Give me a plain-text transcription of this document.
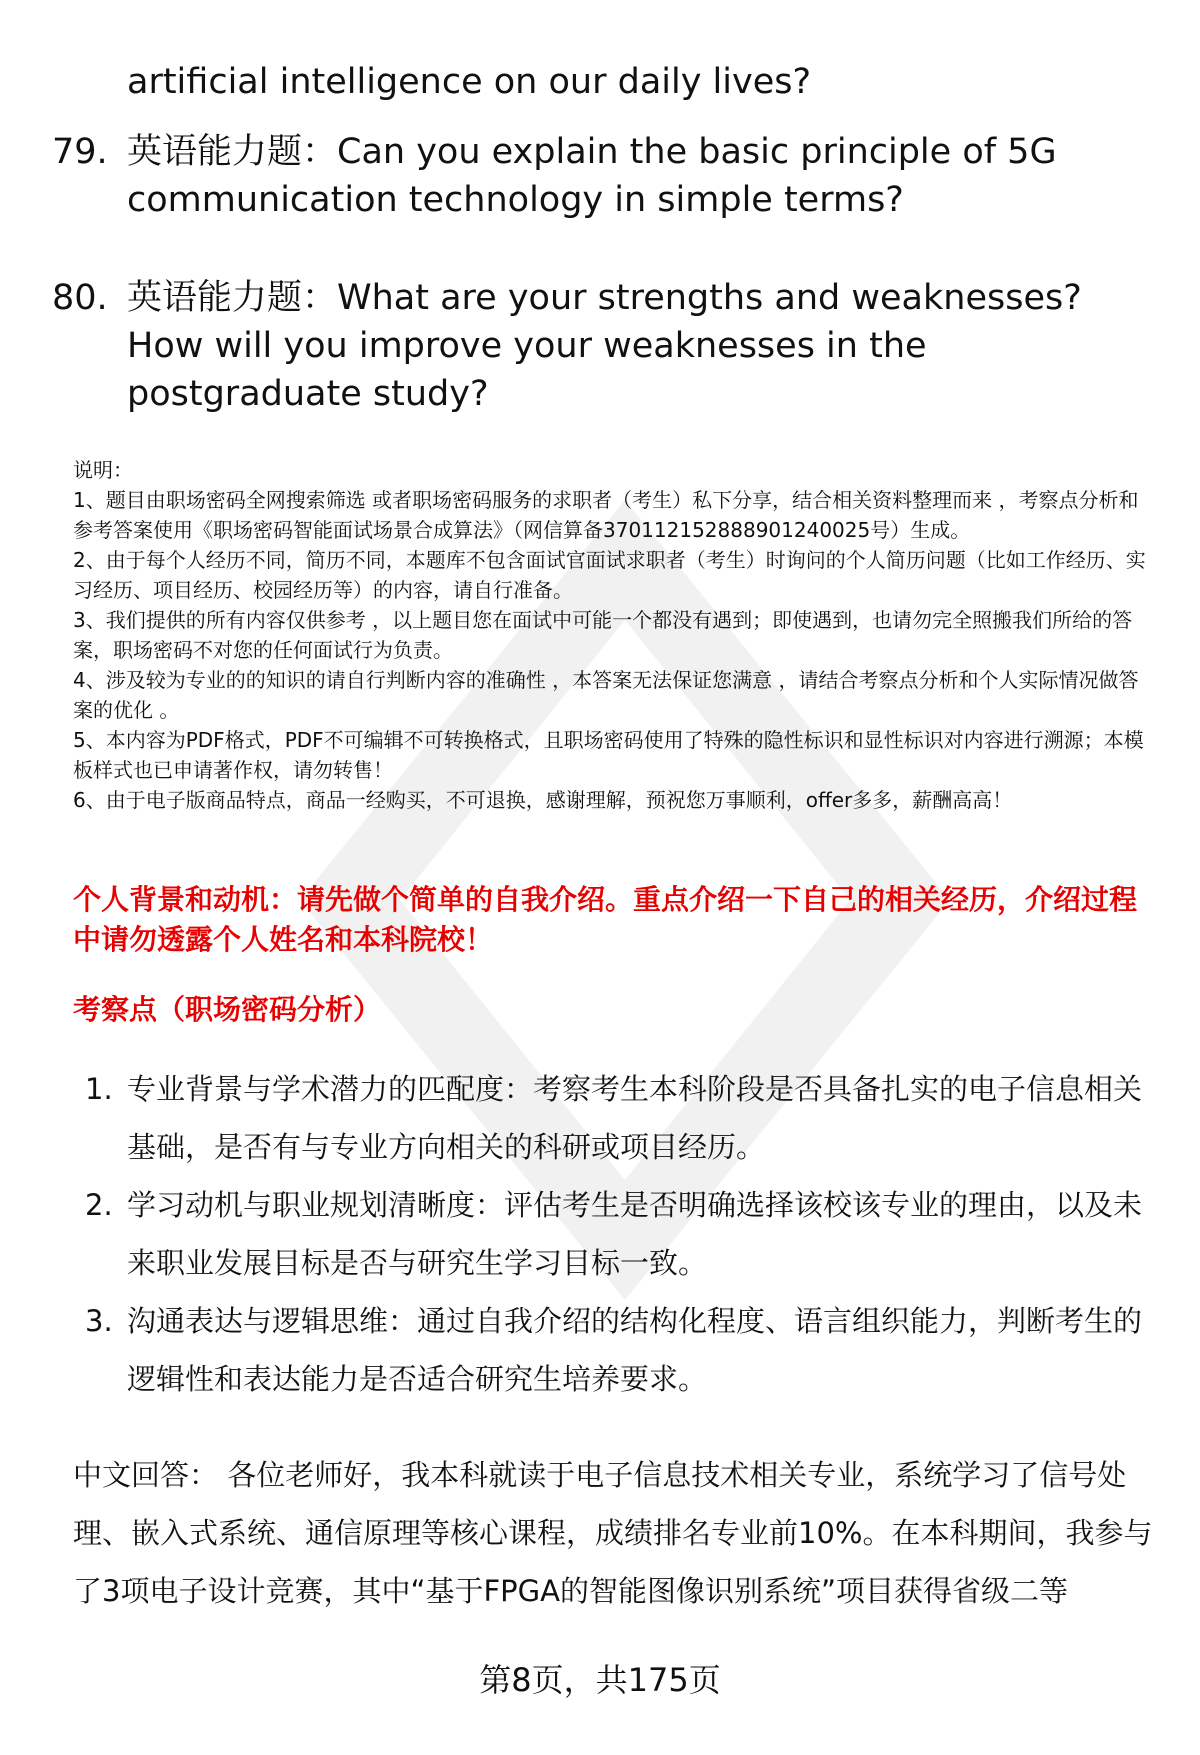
artificial intelligence on our daily lives?
79. 英语能力题：Can you explain the basic principle of 5G communication technology in simple terms?
80. 英语能力题：What are your strengths and weaknesses? How will you improve your weaknesses in the postgraduate study?
说明：
1、题目由职场密码全网搜索筛选 或者职场密码服务的求职者（考生）私下分享，结合相关资料整理而来 ，考察点分析和参考答案使用《职场密码智能面试场景合成算法》（网信算备370112152888901240025号）生成。
2、由于每个人经历不同，简历不同，本题库不包含面试官面试求职者（考生）时询问的个人简历问题（比如工作经历、实习经历、项目经历、校园经历等）的内容，请自行准备。
3、我们提供的所有内容仅供参考 ，以上题目您在面试中可能一个都没有遇到；即使遇到，也请勿完全照搬我们所给的答案，职场密码不对您的任何面试行为负责。
4、涉及较为专业的的知识的请自行判断内容的准确性 ，本答案无法保证您满意 ，请结合考察点分析和个人实际情况做答案的优化 。
5、本内容为PDF格式，PDF不可编辑不可转换格式，且职场密码使用了特殊的隐性标识和显性标识对内容进行溯源；本模板样式也已申请著作权，请勿转售！
6、由于电子版商品特点，商品一经购买，不可退换，感谢理解，预祝您万事顺利，offer多多，薪酬高高！
个人背景和动机：请先做个简单的自我介绍。重点介绍一下自己的相关经历，介绍过程中请勿透露个人姓名和本科院校！
考察点（职场密码分析）
1. 专业背景与学术潜力的匹配度：考察考生本科阶段是否具备扎实的电子信息相关基础，是否有与专业方向相关的科研或项目经历。
2. 学习动机与职业规划清晰度：评估考生是否明确选择该校该专业的理由，以及未来职业发展目标是否与研究生学习目标一致。
3. 沟通表达与逻辑思维：通过自我介绍的结构化程度、语言组织能力，判断考生的逻辑性和表达能力是否适合研究生培养要求。
中文回答： 各位老师好，我本科就读于电子信息技术相关专业，系统学习了信号处理、嵌入式系统、通信原理等核心课程，成绩排名专业前10%。在本科期间，我参与了3项电子设计竞赛，其中“基于FPGA的智能图像识别系统”项目获得省级二等
第8页，共175页
